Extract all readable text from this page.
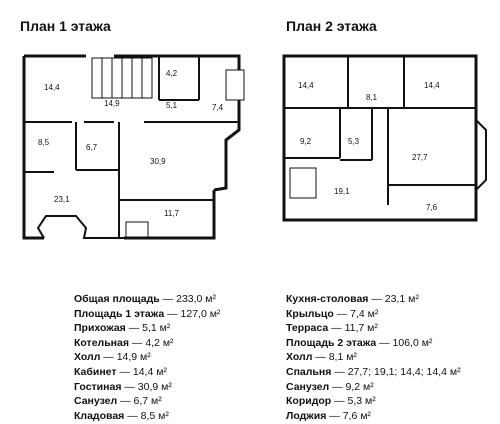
План 1 этажа	План 2 этажа
14,4
4,2
14,9	5,1	7,4
8,5
6,7
30,9
23,1
11,7
14,4	14,4
8,1
9,2	5,3
27,7
19,1
7,6
Общая площадь — 233,0 м²
Площадь 1 этажа — 127,0 м²
Прихожая — 5,1 м²
Котельная — 4,2 м²
Холл — 14,9 м²
Кабинет — 14,4 м²
Гостиная — 30,9 м²
Санузел — 6,7 м²
Кладовая — 8,5 м²
Кухня-столовая — 23,1 м²
Крыльцо — 7,4 м²
Терраса — 11,7 м²
Площадь 2 этажа — 106,0 м²
Холл — 8,1 м²
Спальня — 27,7; 19,1; 14,4; 14,4 м²
Санузел — 9,2 м²
Коридор — 5,3 м²
Лоджия — 7,6 м²
